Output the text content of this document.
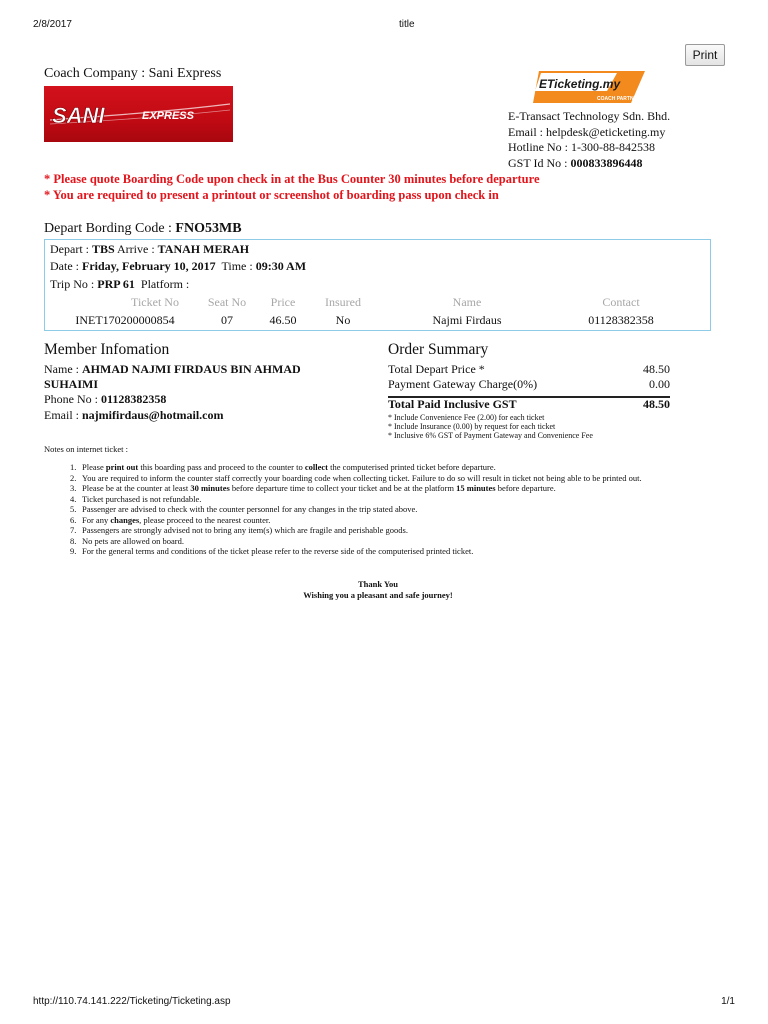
2/8/2017	title
Print
Coach Company : Sani Express
SANI	EXPRESS
ETicketing.my
COACH PARTNER
E-Transact Technology Sdn. Bhd.
Email : helpdesk@eticketing.my
Hotline No : 1-300-88-842538
GST Id No : 000833896448
* Please quote Boarding Code upon check in at the Bus Counter 30 minutes before departure
* You are required to present a printout or screenshot of boarding pass upon check in
Depart Bording Code : FNO53MB
Depart : TBS Arrive : TANAH MERAH
Date : Friday, February 10, 2017 Time : 09:30 AM
Trip No : PRP 61 Platform :
Ticket No	Seat No	Price	Insured	Name	Contact
INET170200000854	07	46.50	No	Najmi Firdaus	01128382358
Member Infomation
Name : AHMAD NAJMI FIRDAUS BIN AHMAD
SUHAIMI
Phone No : 01128382358
Email : najmifirdaus@hotmail.com
Order Summary
Total Depart Price *	48.50
Payment Gateway Charge(0%)	0.00
Total Paid Inclusive GST	48.50
* Include Convenience Fee (2.00) for each ticket
* Include Insurance (0.00) by request for each ticket
* Inclusive 6% GST of Payment Gateway and Convenience Fee
Notes on internet ticket :
1. Please print out this boarding pass and proceed to the counter to collect the computerised printed ticket before departure.
2. You are required to inform the counter staff correctly your boarding code when collecting ticket. Failure to do so will result in ticket not being able to be printed out.
3. Please be at the counter at least 30 minutes before departure time to collect your ticket and be at the platform 15 minutes before departure.
4. Ticket purchased is not refundable.
5. Passenger are advised to check with the counter personnel for any changes in the trip stated above.
6. For any changes, please proceed to the nearest counter.
7. Passengers are strongly advised not to bring any item(s) which are fragile and perishable goods.
8. No pets are allowed on board.
9. For the general terms and conditions of the ticket please refer to the reverse side of the computerised printed ticket.
Thank You
Wishing you a pleasant and safe journey!
http://110.74.141.222/Ticketing/Ticketing.asp	1/1
